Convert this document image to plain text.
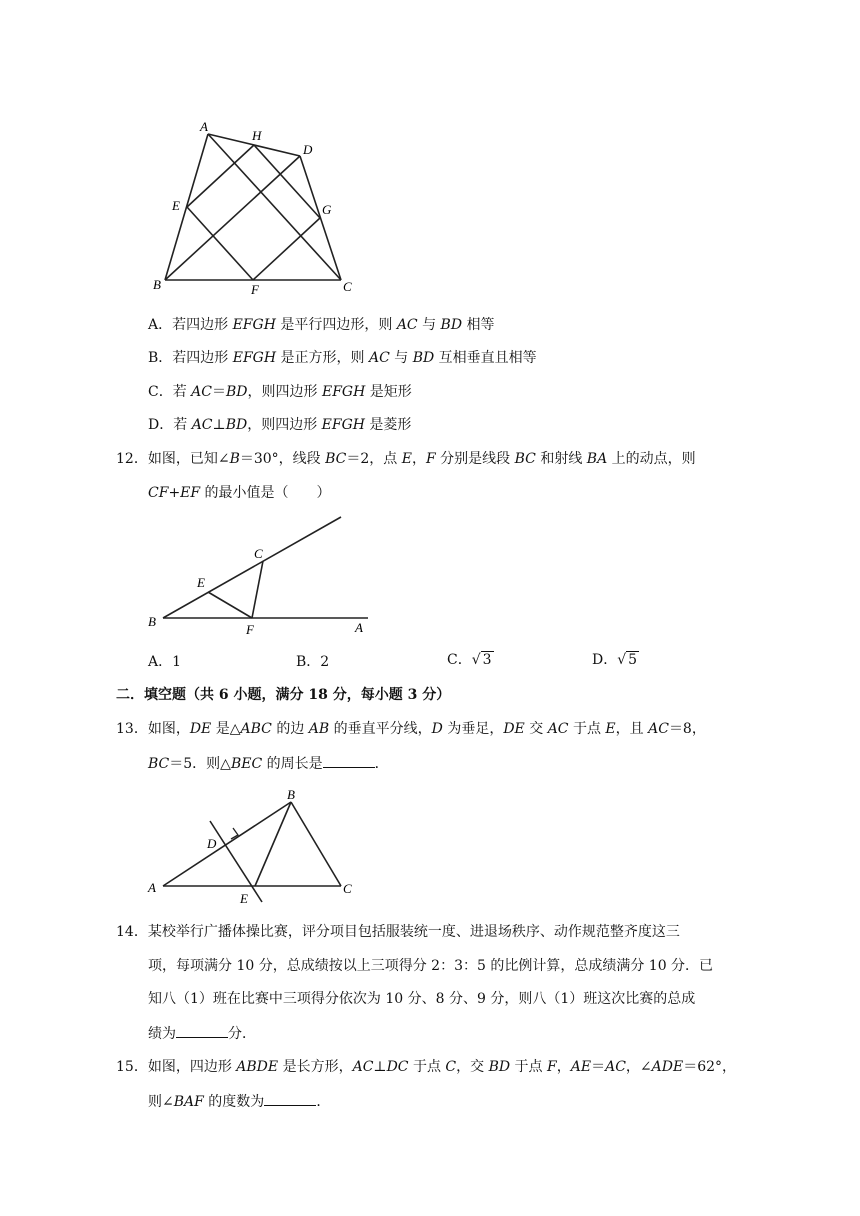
A
H
D
E	G
B	F	C
A．若四边形 EFGH 是平行四边形，则 AC 与 BD 相等
B．若四边形 EFGH 是正方形，则 AC 与 BD 互相垂直且相等
C．若 AC＝BD，则四边形 EFGH 是矩形
D．若 AC⊥BD，则四边形 EFGH 是菱形
12．如图，已知∠B＝30°，线段 BC＝2，点 E，F 分别是线段 BC 和射线 BA 上的动点，则
CF+EF 的最小值是（　　）
C
E
B
F	A
A．1	B．2	C．√ 3	D．√ 5
二．填空题（共 6 小题，满分 18 分，每小题 3 分）
13．如图，DE 是△ABC 的边 AB 的垂直平分线，D 为垂足，DE 交 AC 于点 E，且 AC＝8，
BC＝5．则△BEC 的周长是	．
B
D
A
E
C
14．某校举行广播体操比赛，评分项目包括服装统一度、进退场秩序、动作规范整齐度这三
项，每项满分 10 分，总成绩按以上三项得分 2：3：5 的比例计算，总成绩满分 10 分．已
知八（1）班在比赛中三项得分依次为 10 分、8 分、9 分，则八（1）班这次比赛的总成
绩为	分．
15．如图，四边形 ABDE 是长方形，AC⊥DC 于点 C，交 BD 于点 F，AE＝AC，∠ADE＝62°，
则∠BAF 的度数为	．
